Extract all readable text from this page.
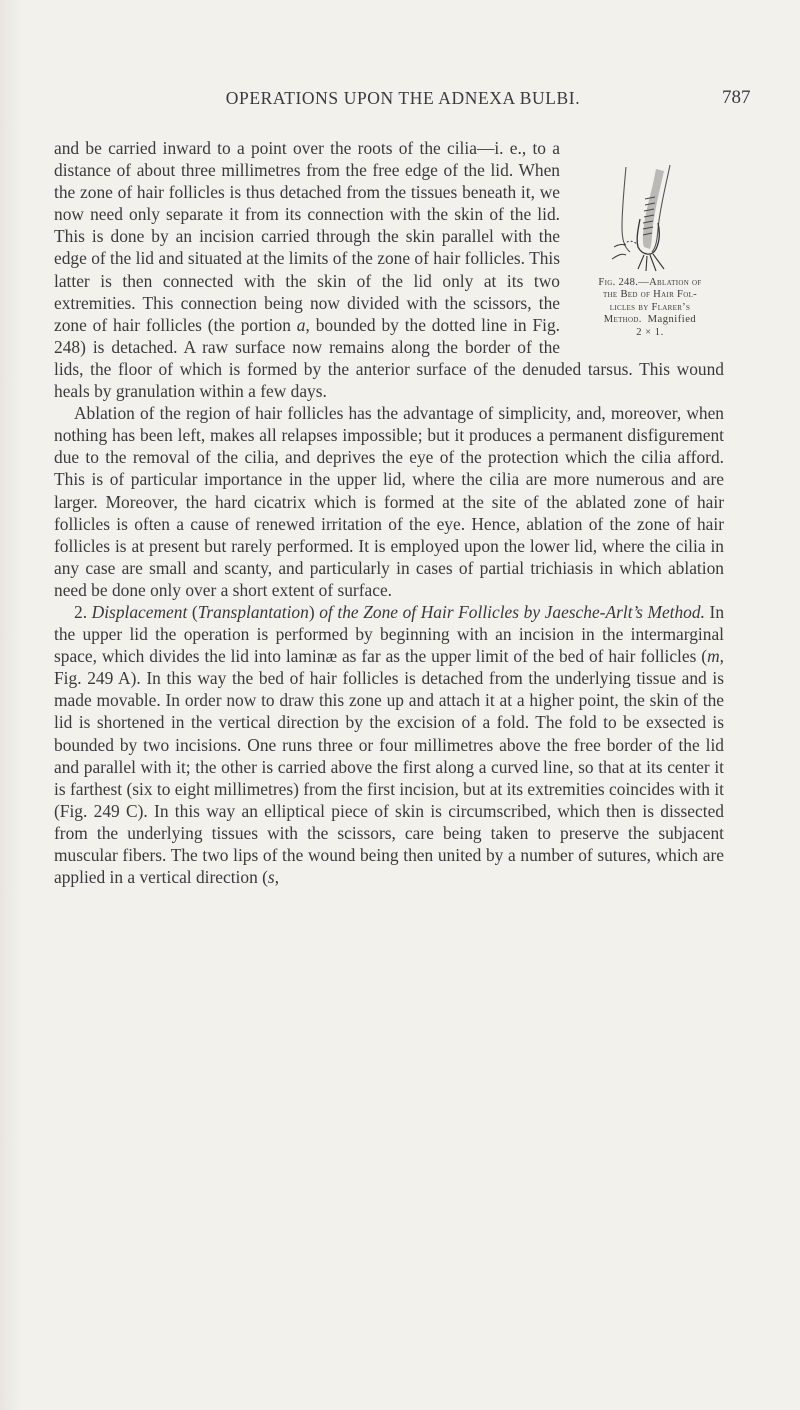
OPERATIONS UPON THE ADNEXA BULBI.	787
Fig. 248.—Ablation of
the Bed of Hair Fol-
licles by Flarer’s
Method. Magnified
2 × 1.

and be carried inward to a point over the roots of the cilia—i. e., to a distance of about three millimetres from the free edge of the lid. When the zone of hair follicles is thus detached from the tissues beneath it, we now need only separate it from its connection with the skin of the lid. This is done by an incision carried through the skin parallel with the edge of the lid and situated at the limits of the zone of hair follicles. This latter is then connected with the skin of the lid only at its two extremities. This connection being now divided with the scissors, the zone of hair follicles (the portion a, bounded by the dotted line in Fig. 248) is detached. A raw surface now remains along the border of the lids, the floor of which is formed by the anterior surface of the denuded tarsus. This wound heals by granulation within a few days.

Ablation of the region of hair follicles has the advantage of simplicity, and, moreover, when nothing has been left, makes all relapses impossible; but it produces a permanent disfigurement due to the removal of the cilia, and deprives the eye of the protection which the cilia afford. This is of particular importance in the upper lid, where the cilia are more numerous and are larger. Moreover, the hard cicatrix which is formed at the site of the ablated zone of hair follicles is often a cause of renewed irritation of the eye. Hence, ablation of the zone of hair follicles is at present but rarely performed. It is employed upon the lower lid, where the cilia in any case are small and scanty, and particularly in cases of partial trichiasis in which ablation need be done only over a short extent of surface.

2. Displacement (Transplantation) of the Zone of Hair Follicles by Jaesche-Arlt’s Method. In the upper lid the operation is performed by beginning with an incision in the intermarginal space, which divides the lid into laminæ as far as the upper limit of the bed of hair follicles (m, Fig. 249 A). In this way the bed of hair follicles is detached from the underlying tissue and is made movable. In order now to draw this zone up and attach it at a higher point, the skin of the lid is shortened in the vertical direction by the excision of a fold. The fold to be exsected is bounded by two incisions. One runs three or four millimetres above the free border of the lid and parallel with it; the other is carried above the first along a curved line, so that at its center it is farthest (six to eight millimetres) from the first incision, but at its extremities coincides with it (Fig. 249 C). In this way an elliptical piece of skin is circumscribed, which then is dissected from the underlying tissues with the scissors, care being taken to preserve the subjacent muscular fibers. The two lips of the wound being then united by a number of sutures, which are applied in a vertical direction (s,
